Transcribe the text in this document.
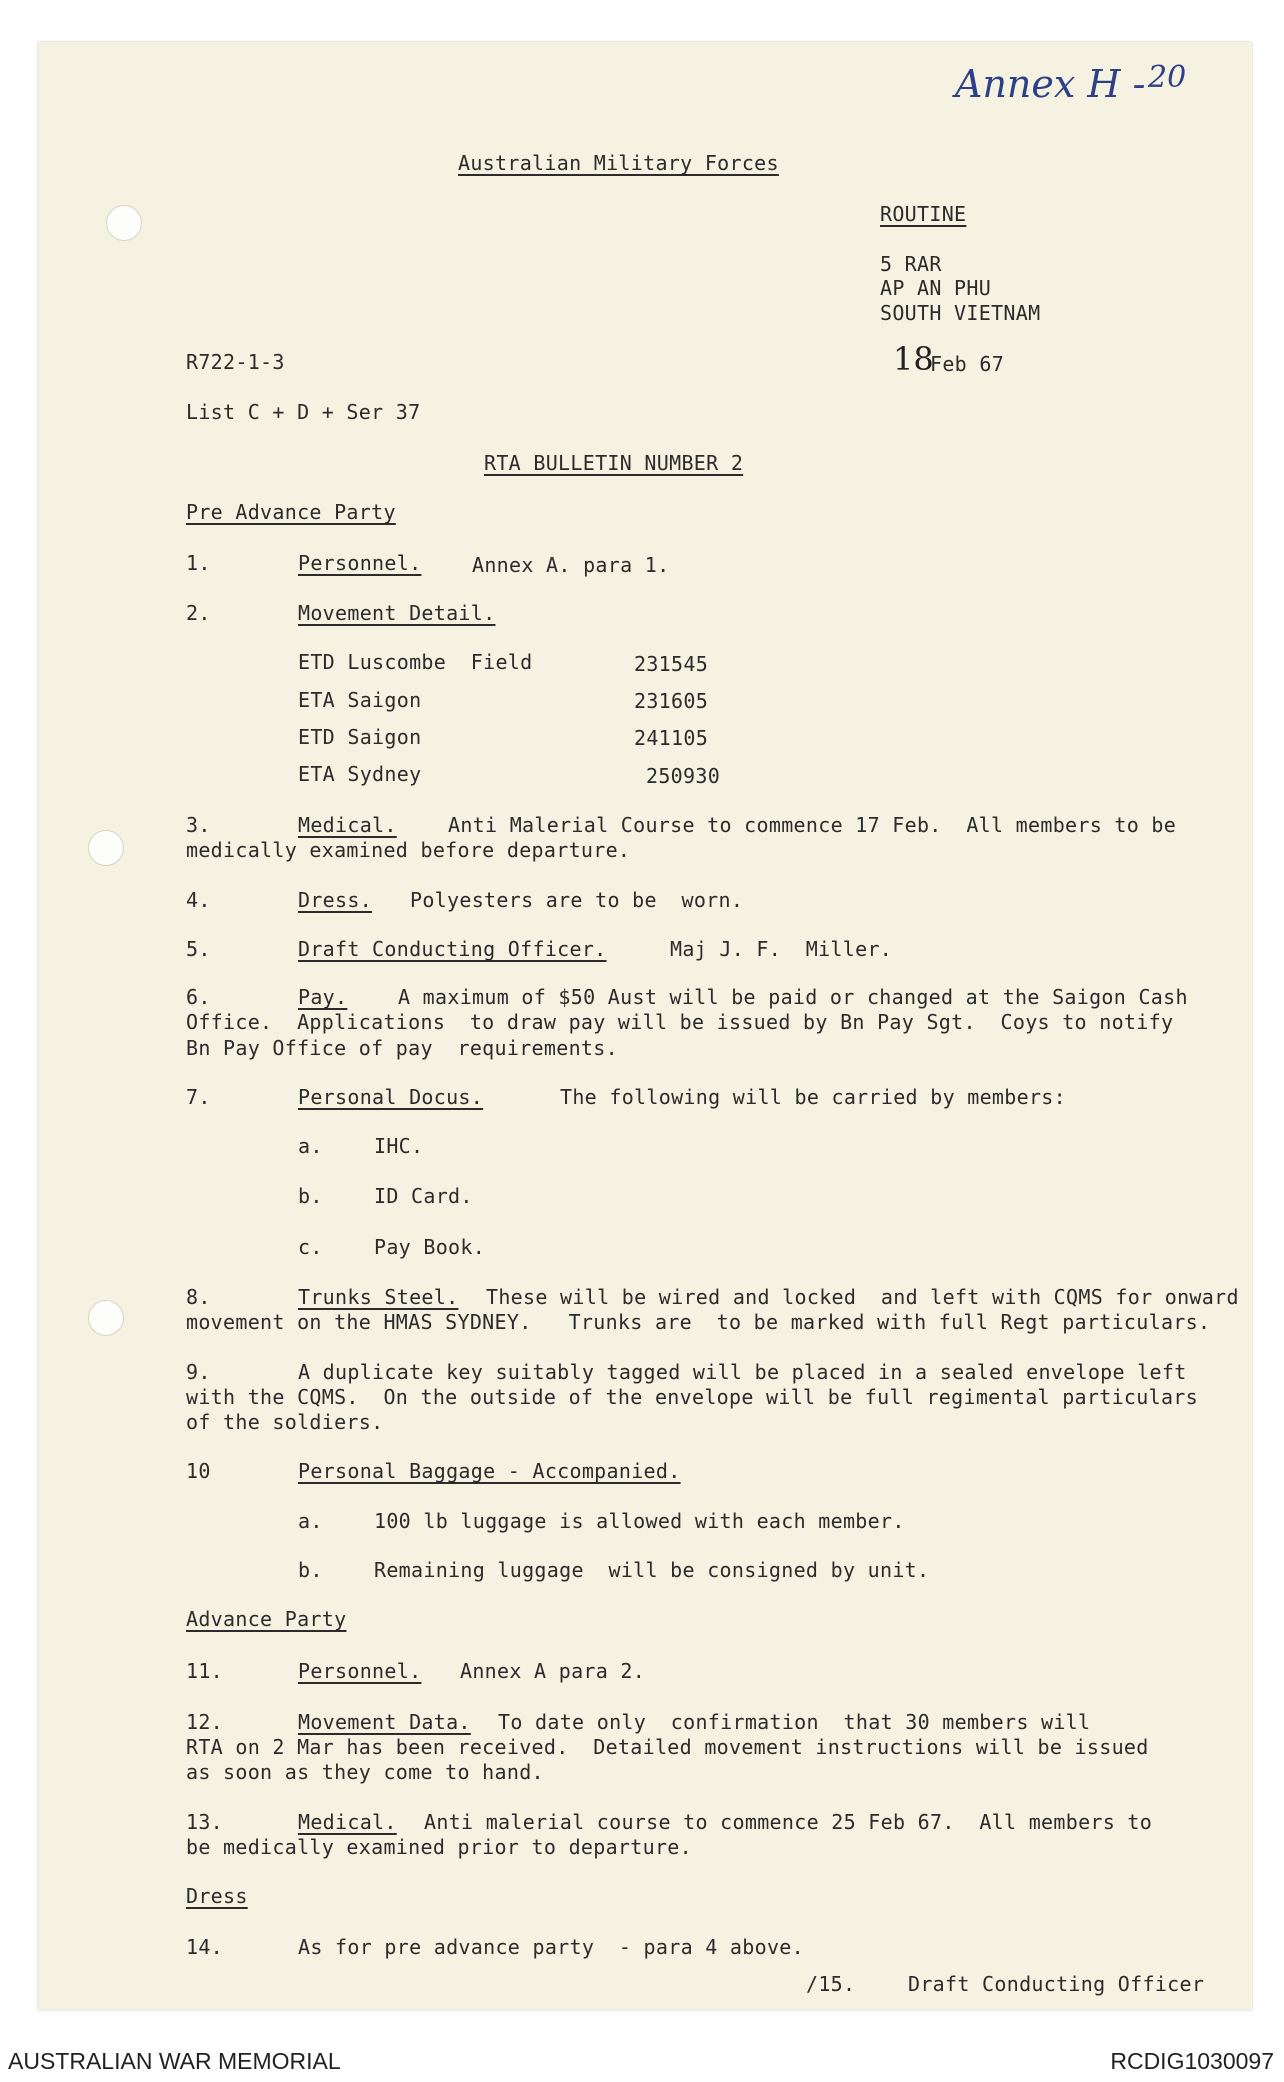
Annex H - 20
Australian Military Forces
ROUTINE
5 RAR
AP AN PHU
SOUTH VIETNAM
R722-1-3	18
Feb 67
List C + D + Ser 37
RTA BULLETIN NUMBER 2
Pre Advance Party
1.	Personnel.	Annex A. para 1.
2.	Movement Detail.
ETD Luscombe  Field	231545
ETA Saigon	231605
ETD Saigon	241105
ETA Sydney	250930
3.	Medical.	Anti Malerial Course to commence 17 Feb.  All members to be
medically examined before departure.
4.	Dress. Polyesters are to be  worn.
5.	Draft Conducting Officer.	Maj J. F.  Miller.
6.	Pay.	A maximum of $50 Aust will be paid or changed at the Saigon Cash
Office.  Applications  to draw pay will be issued by Bn Pay Sgt.  Coys to notify
Bn Pay Office of pay  requirements.
7.	Personal Docus.	The following will be carried by members:
a.	IHC.
b.	ID Card.
c.	Pay Book.
8.	Trunks Steel. These will be wired and locked  and left with CQMS for onward
movement on the HMAS SYDNEY.   Trunks are  to be marked with full Regt particulars.
9.	A duplicate key suitably tagged will be placed in a sealed envelope left
with the CQMS.  On the outside of the envelope will be full regimental particulars
of the soldiers.
10	Personal Baggage - Accompanied.
a.	100 lb luggage is allowed with each member.
b.	Remaining luggage  will be consigned by unit.
Advance Party
11.	Personnel. Annex A para 2.
12.	Movement Data. To date only  confirmation  that 30 members will
RTA on 2 Mar has been received.  Detailed movement instructions will be issued
as soon as they come to hand.
13.	Medical. Anti malerial course to commence 25 Feb 67.  All members to
be medically examined prior to departure.
Dress
14.	As for pre advance party  - para 4 above.
/15.	Draft Conducting Officer
AUSTRALIAN WAR MEMORIAL	RCDIG1030097
